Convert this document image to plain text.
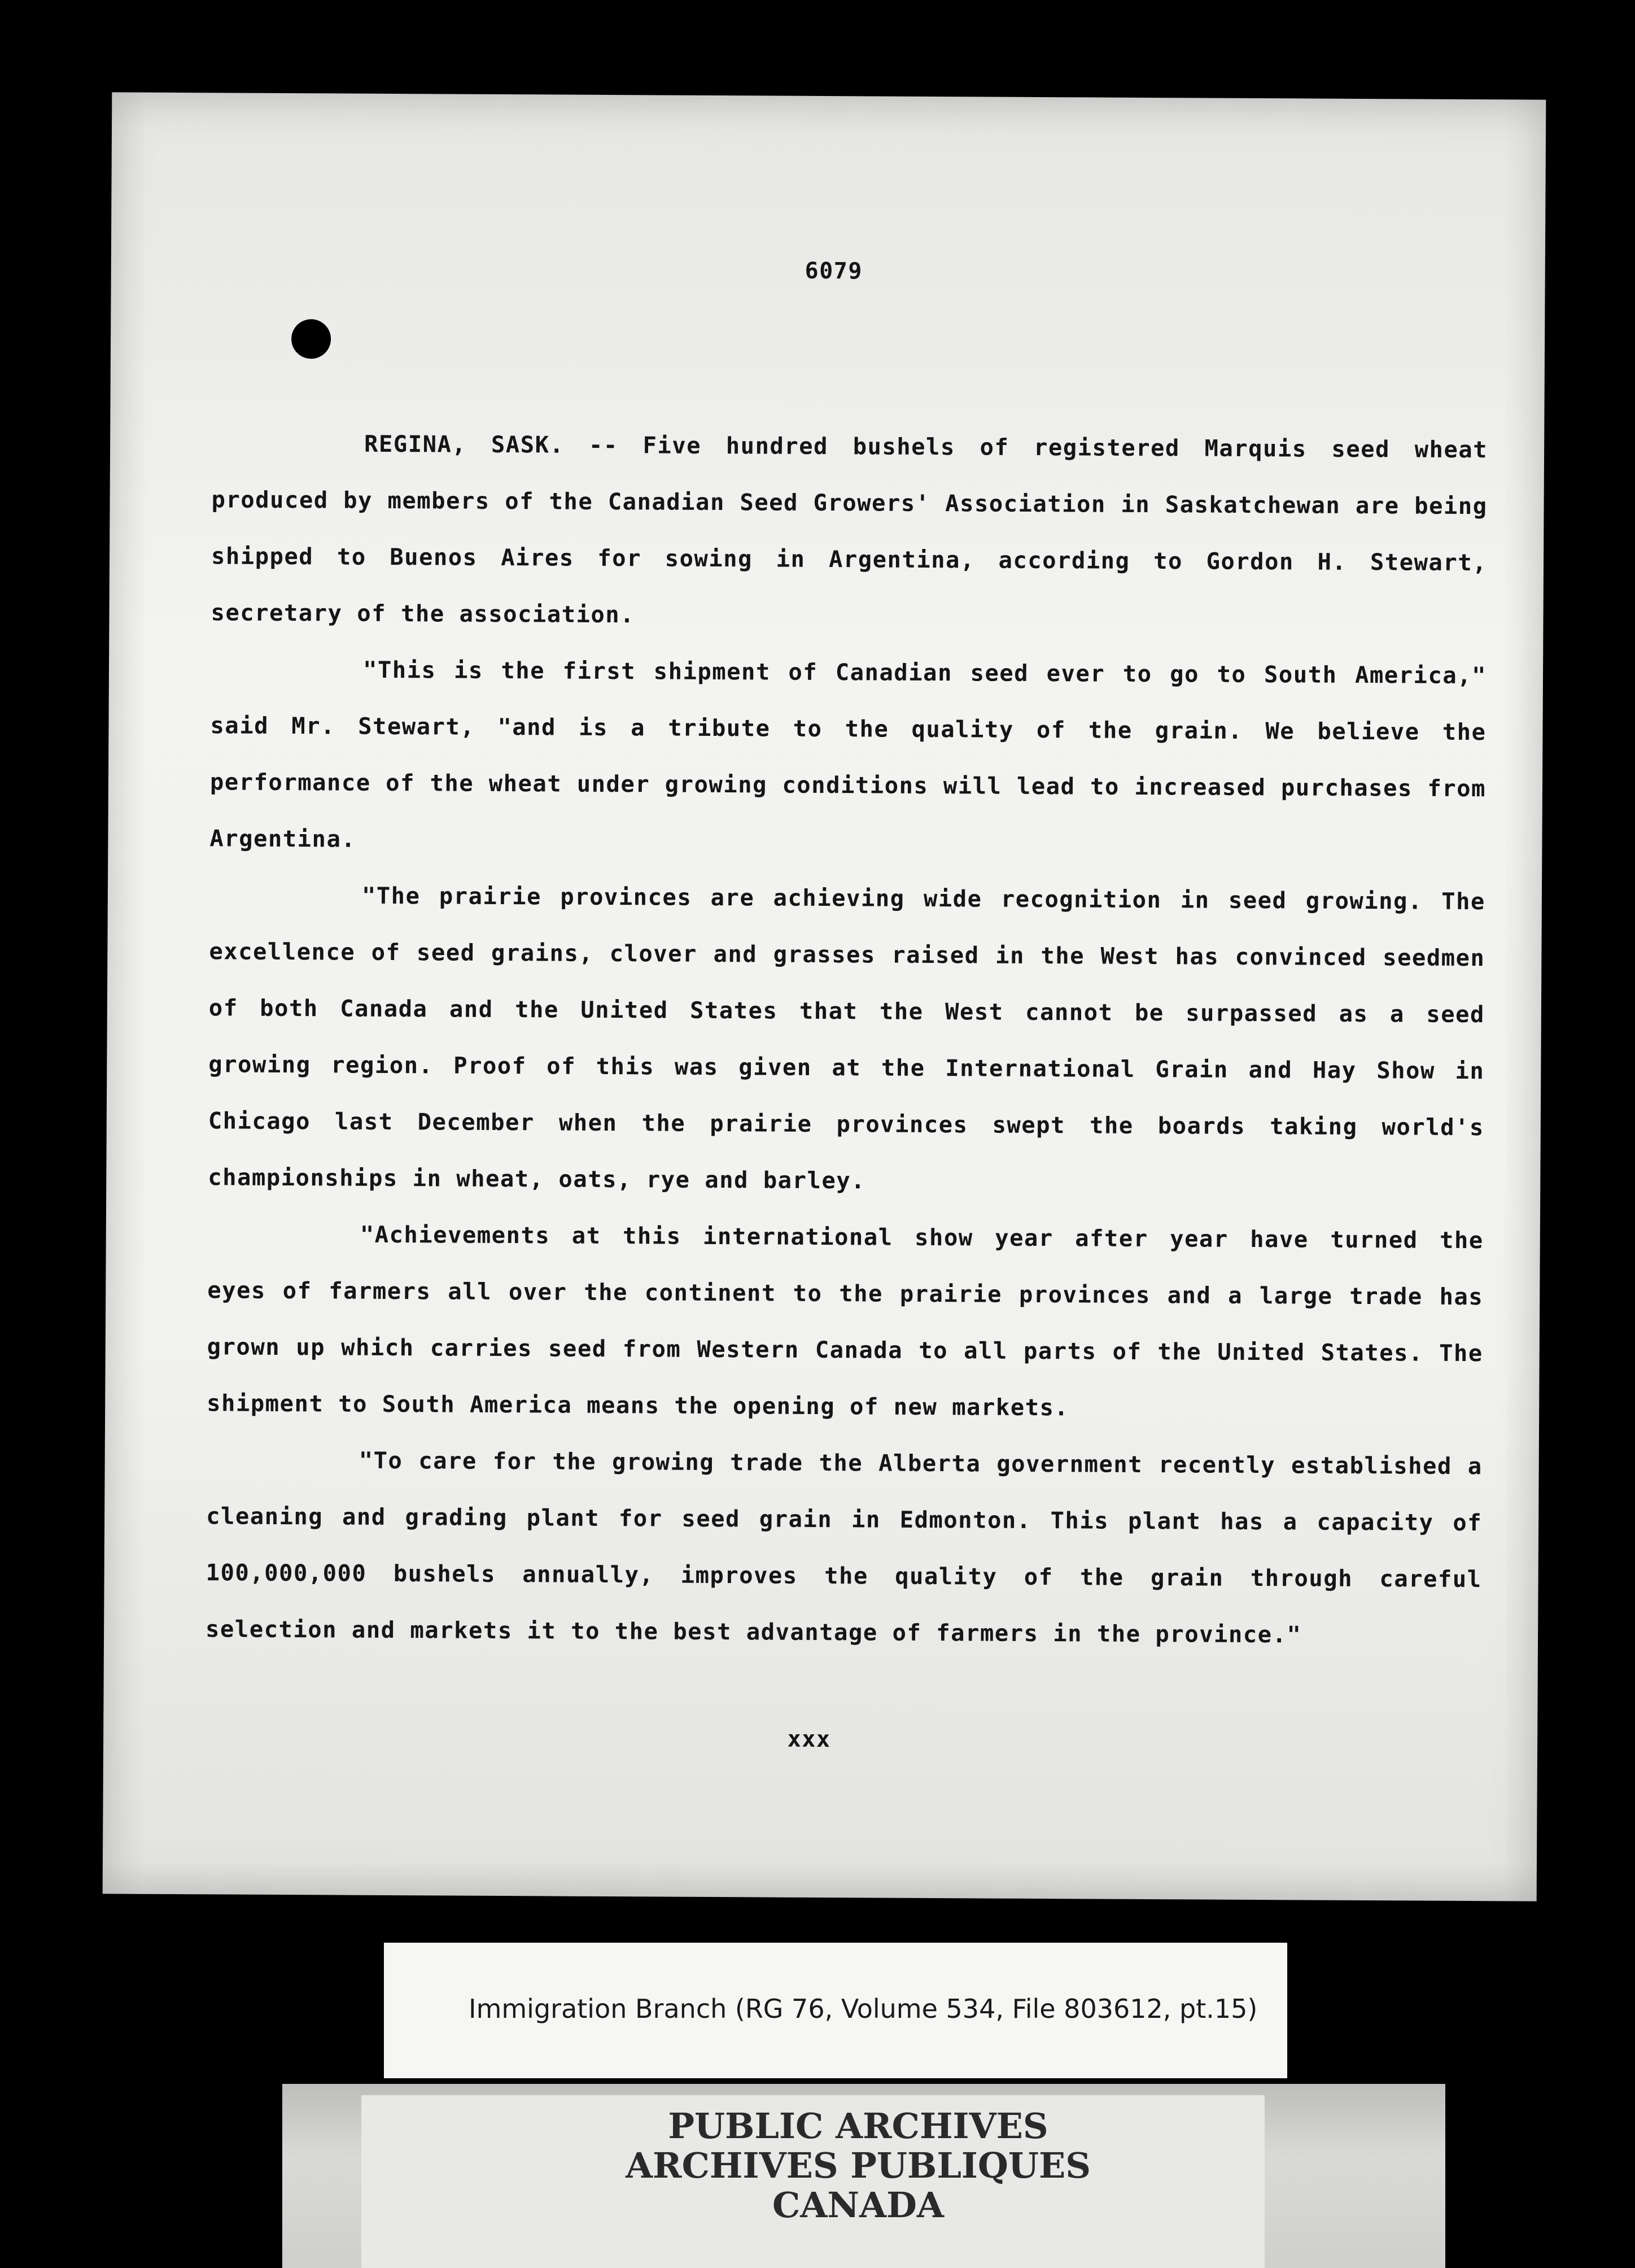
6079

REGINA, SASK. -- Five hundred bushels of registered Marquis seed wheat produced by members of the Canadian Seed Growers' Association in Saskatchewan are being shipped to Buenos Aires for sowing in Argentina, according to Gordon H. Stewart, secretary of the association.

"This is the first shipment of Canadian seed ever to go to South America," said Mr. Stewart, "and is a tribute to the quality of the grain. We believe the performance of the wheat under growing conditions will lead to increased purchases from Argentina.

"The prairie provinces are achieving wide recognition in seed growing. The excellence of seed grains, clover and grasses raised in the West has convinced seedmen of both Canada and the United States that the West cannot be surpassed as a seed growing region. Proof of this was given at the International Grain and Hay Show in Chicago last December when the prairie provinces swept the boards taking world's championships in wheat, oats, rye and barley.

"Achievements at this international show year after year have turned the eyes of farmers all over the continent to the prairie provinces and a large trade has grown up which carries seed from Western Canada to all parts of the United States. The shipment to South America means the opening of new markets.

"To care for the growing trade the Alberta government recently established a cleaning and grading plant for seed grain in Edmonton. This plant has a capacity of 100,000,000 bushels annually, improves the quality of the grain through careful selection and markets it to the best advantage of farmers in the province."

xxx
Immigration Branch (RG 76, Volume 534, File 803612, pt.15)
PUBLIC ARCHIVES
ARCHIVES PUBLIQUES
CANADA
